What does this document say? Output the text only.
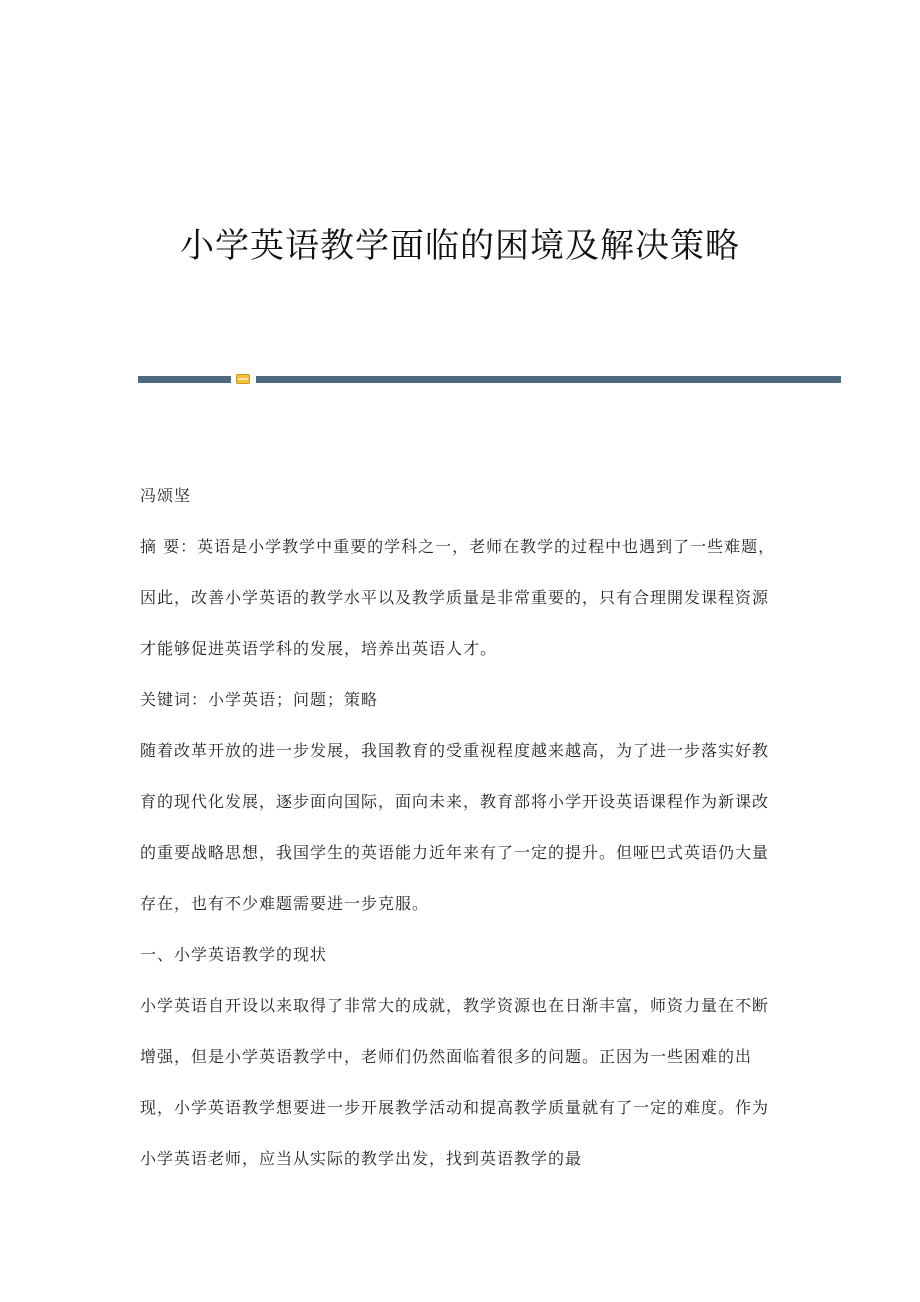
小学英语教学面临的困境及解决策略

冯颂坚

摘 要：英语是小学教学中重要的学科之一，老师在教学的过程中也遇到了一些难题，因此，改善小学英语的教学水平以及教学质量是非常重要的，只有合理開发课程资源才能够促进英语学科的发展，培养出英语人才。

关键词：小学英语；问题；策略

随着改革开放的进一步发展，我国教育的受重视程度越来越高，为了进一步落实好教育的现代化发展，逐步面向国际，面向未来，教育部将小学开设英语课程作为新课改的重要战略思想，我国学生的英语能力近年来有了一定的提升。但哑巴式英语仍大量存在，也有不少难题需要进一步克服。

一、小学英语教学的现状

小学英语自开设以来取得了非常大的成就，教学资源也在日渐丰富，师资力量在不断增强，但是小学英语教学中，老师们仍然面临着很多的问题。正因为一些困难的出现，小学英语教学想要进一步开展教学活动和提高教学质量就有了一定的难度。作为小学英语老师，应当从实际的教学出发，找到英语教学的最
